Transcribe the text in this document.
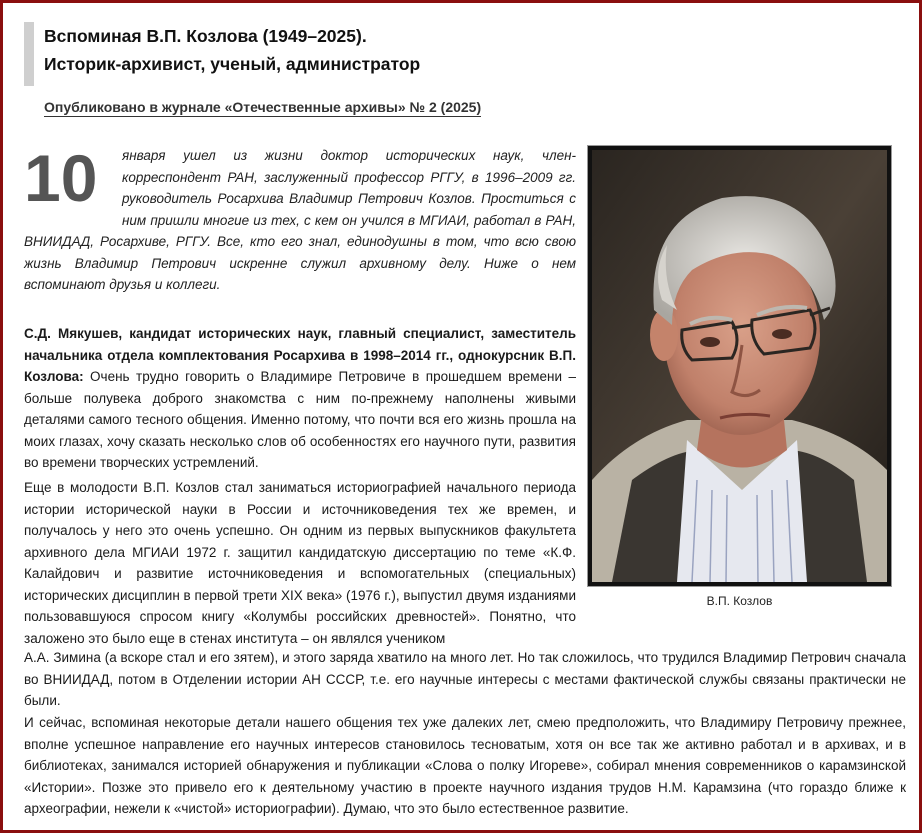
Вспоминая В.П. Козлова (1949–2025).

Историк-архивист, ученый, администратор

Опубликовано в журнале «Отечественные архивы» № 2 (2025)
10	января ушел из жизни доктор исторических наук, член-корреспондент РАН, заслуженный профессор РГГУ, в 1996–2009 гг. руководитель Росархива Владимир Петрович Козлов. Проститься с ним пришли многие из тех, с кем он учился в МГИАИ, работал в РАН, ВНИИДАД, Росархиве, РГГУ. Все, кто его знал, единодушны в том, что всю свою жизнь Владимир Петрович искренне служил архивному делу. Ниже о нем вспоминают друзья и коллеги.

В.П. Козлов

С.Д. Мякушев, кандидат исторических наук, главный специалист, заместитель начальника отдела комплектования Росархива в 1998–2014 гг., однокурсник В.П. Козлова: Очень трудно говорить о Владимире Петровиче в прошедшем времени – больше полувека доброго знакомства с ним по-прежнему наполнены живыми деталями самого тесного общения. Именно потому, что почти вся его жизнь прошла на моих глазах, хочу сказать несколько слов об особенностях его научного пути, развития во времени творческих устремлений.

Еще в молодости В.П. Козлов стал заниматься историографией начального периода истории исторической науки в России и источниковедения тех же времен, и получалось у него это очень успешно. Он одним из первых выпускников факультета архивного дела МГИАИ 1972 г. защитил кандидатскую диссертацию по теме «К.Ф. Калайдович и развитие источниковедения и вспомогательных (специальных) исторических дисциплин в первой трети XIX века» (1976 г.), выпустил двумя изданиями пользовавшуюся спросом книгу «Колумбы российских древностей». Понятно, что заложено это было еще в стенах института – он являлся учеником

А.А. Зимина (а вскоре стал и его зятем), и этого заряда хватило на много лет. Но так сложилось, что трудился Владимир Петрович сначала во ВНИИДАД, потом в Отделении истории АН СССР, т.е. его научные интересы с местами фактической службы связаны практически не были.

И сейчас, вспоминая некоторые детали нашего общения тех уже далеких лет, смею предположить, что Владимиру Петровичу прежнее, вполне успешное направление его научных интересов становилось тесноватым, хотя он все так же активно работал и в архивах, и в библиотеках, занимался историей обнаружения и публикации «Слова о полку Игореве», собирал мнения современников о карамзинской «Истории». Позже это привело его к деятельному участию в проекте научного издания трудов Н.М. Карамзина (что гораздо ближе к археографии, нежели к «чистой» историографии). Думаю, что это было естественное развитие.
